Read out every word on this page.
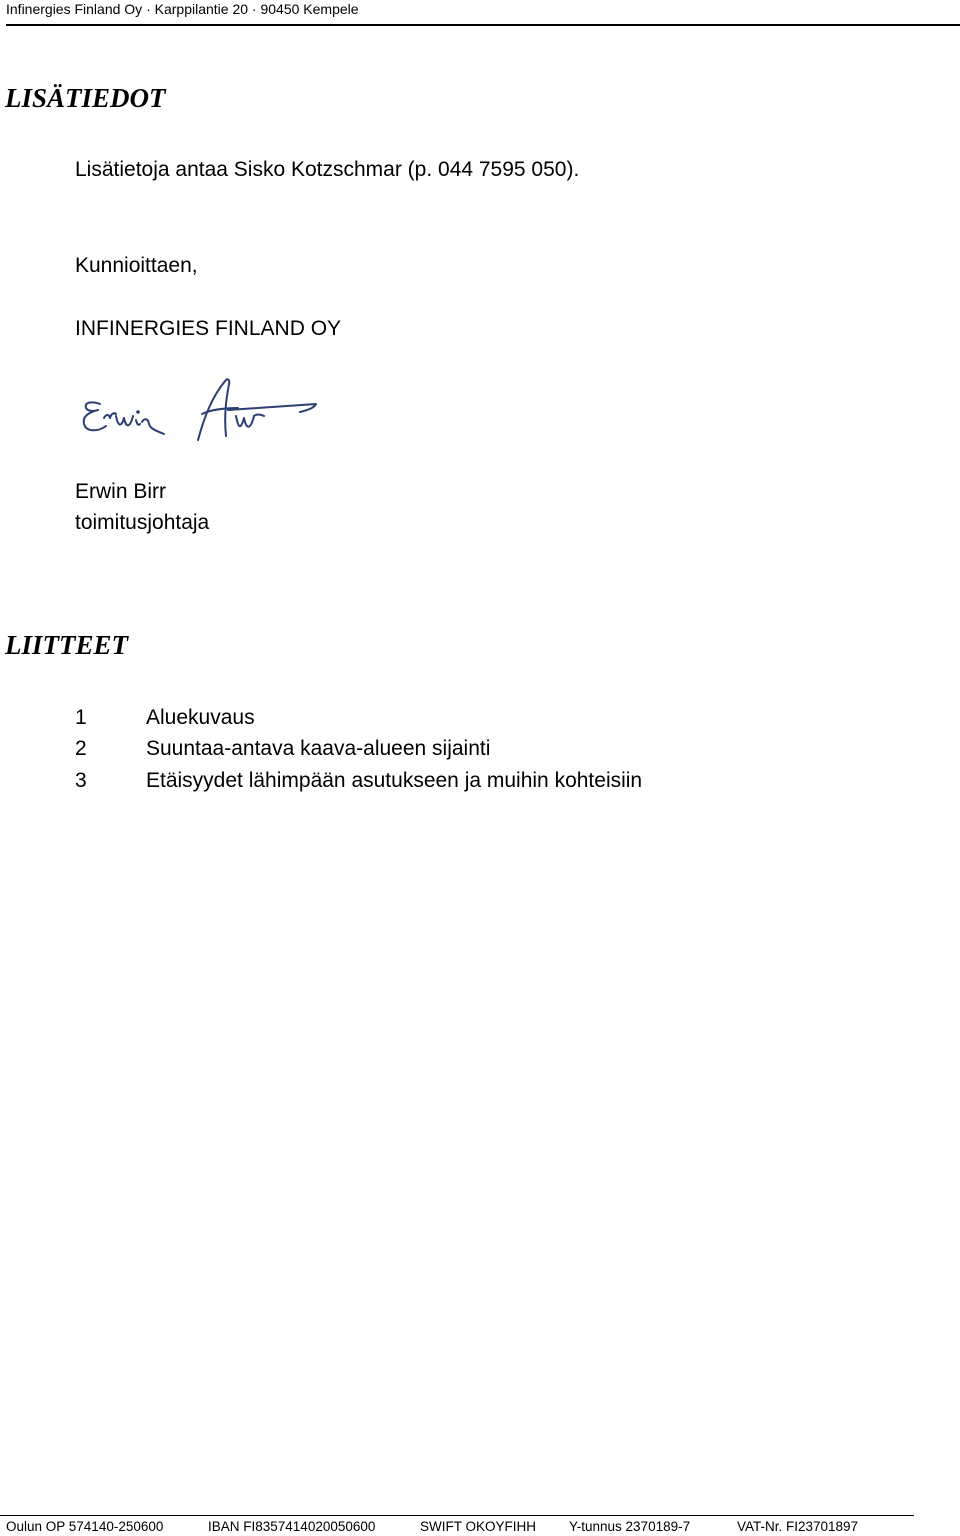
Infinergies Finland Oy · Karppilantie 20 · 90450 Kempele
LISÄTIEDOT
Lisätietoja antaa Sisko Kotzschmar (p. 044 7595 050).
Kunnioittaen,
INFINERGIES FINLAND OY
Erwin Birr
toimitusjohtaja
LIITTEET
1	Aluekuvaus
2	Suuntaa-antava kaava-alueen sijainti
3	Etäisyydet lähimpään asutukseen ja muihin kohteisiin
Oulun OP 574140-250600	IBAN FI8357414020050600	SWIFT OKOYFIHH Y-tunnus 2370189-7	VAT-Nr. FI23701897
